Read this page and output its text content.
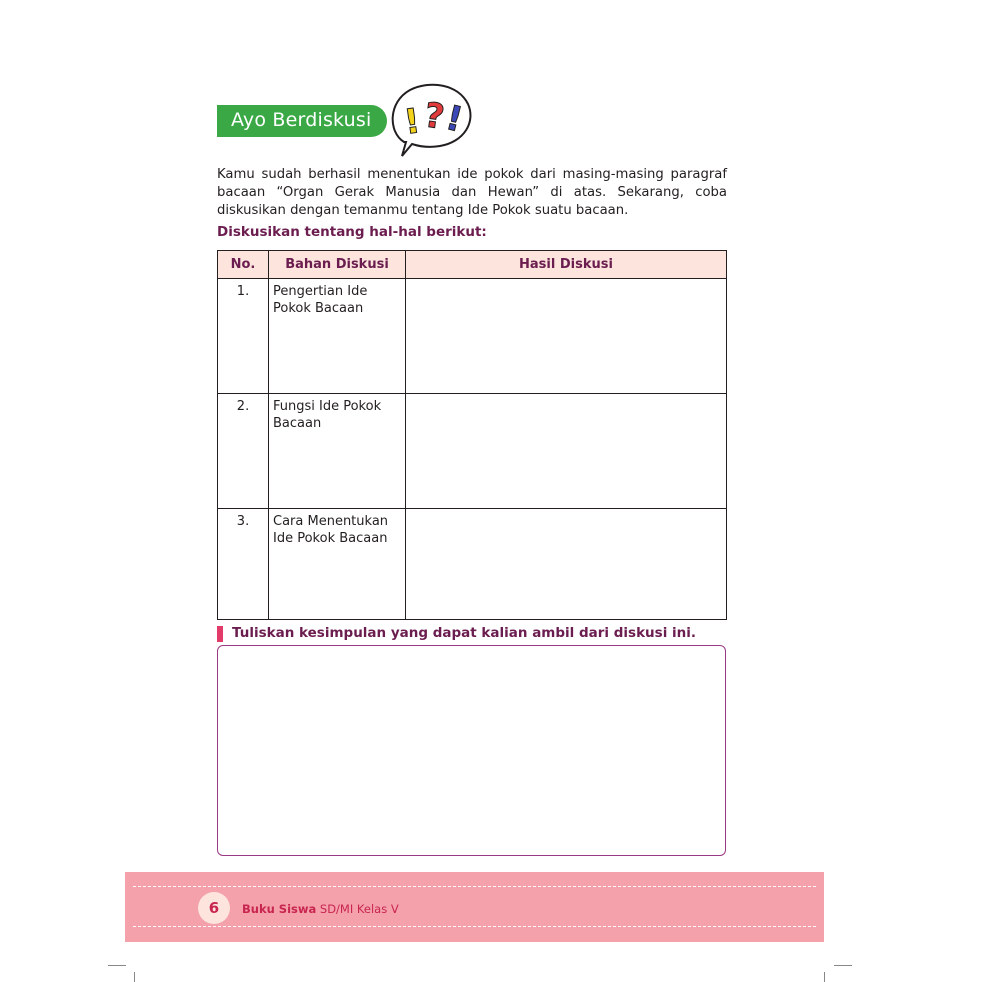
Ayo Berdiskusi ! ?
!

Kamu sudah berhasil menentukan ide pokok dari masing-masing paragraf bacaan “Organ Gerak Manusia dan Hewan” di atas. Sekarang, coba diskusikan dengan temanmu tentang Ide Pokok suatu bacaan.

Diskusikan tentang hal-hal berikut:
No.	Bahan Diskusi	Hasil Diskusi
1.	Pengertian Ide
Pokok Bacaan	
2.	Fungsi Ide Pokok
Bacaan	
3.	Cara Menentukan
Ide Pokok Bacaan	
Tuliskan kesimpulan yang dapat kalian ambil dari diskusi ini.
6	Buku Siswa SD/MI Kelas V
